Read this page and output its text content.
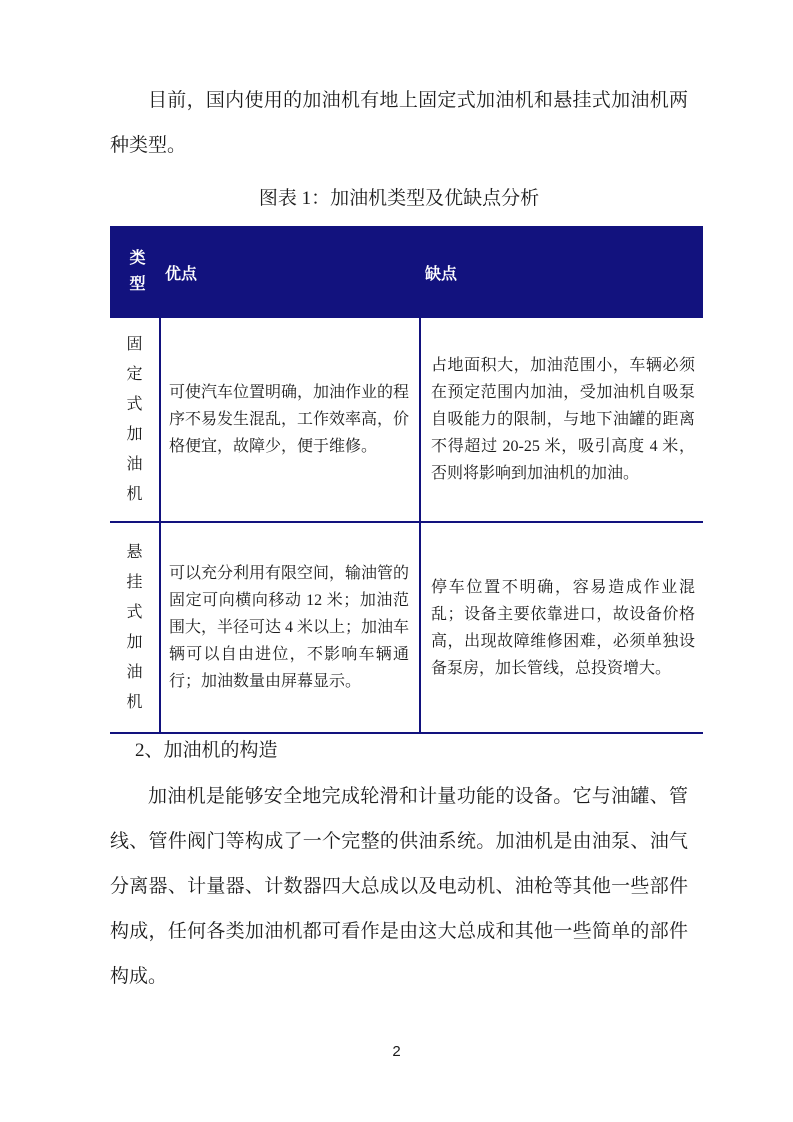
目前，国内使用的加油机有地上固定式加油机和悬挂式加油机两种类型。

图表 1：加油机类型及优缺点分析

类型	优点	缺点

固定式加油机	可使汽车位置明确，加油作业的程序不易发生混乱，工作效率高，价格便宜，故障少，便于维修。	占地面积大，加油范围小，车辆必须在预定范围内加油，受加油机自吸泵自吸能力的限制，与地下油罐的距离不得超过 20-25 米，吸引高度 4 米，否则将影响到加油机的加油。

悬挂式加油机	可以充分利用有限空间，输油管的固定可向横向移动 12 米；加油范围大，半径可达 4 米以上；加油车辆可以自由进位，不影响车辆通行；加油数量由屏幕显示。	停车位置不明确，容易造成作业混乱；设备主要依靠进口，故设备价格高，出现故障维修困难，必须单独设备泵房，加长管线，总投资增大。

2、加油机的构造

加油机是能够安全地完成轮滑和计量功能的设备。它与油罐、管线、管件阀门等构成了一个完整的供油系统。加油机是由油泵、油气分离器、计量器、计数器四大总成以及电动机、油枪等其他一些部件构成，任何各类加油机都可看作是由这大总成和其他一些简单的部件构成。

2
